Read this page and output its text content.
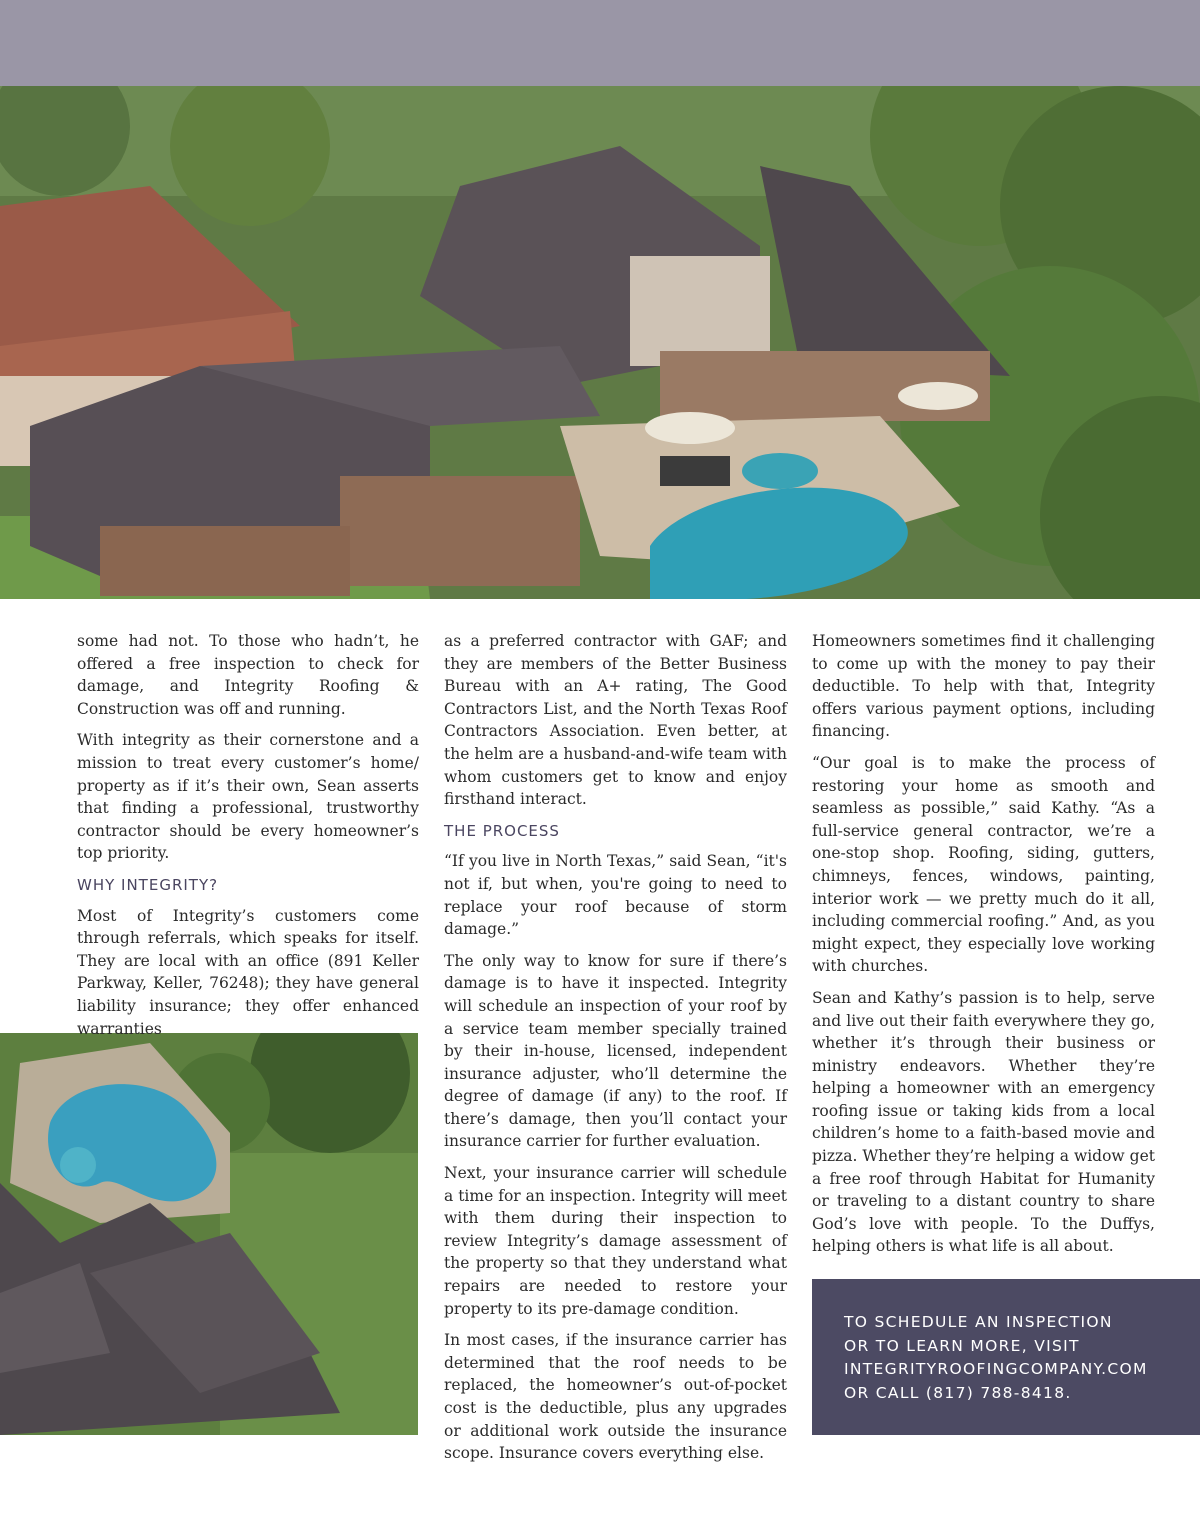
some had not. To those who hadn’t, he offered a free inspection to check for damage, and Integrity Roofing & Construction was off and running.

With integrity as their cornerstone and a mission to treat every customer’s home/ property as if it’s their own, Sean asserts that finding a professional, trustworthy contractor should be every homeowner’s top priority.

WHY INTEGRITY?

Most of Integrity’s customers come through referrals, which speaks for itself. They are local with an office (891 Keller Parkway, Keller, 76248); they have general liability insurance; they offer enhanced warranties

as a preferred contractor with GAF; and they are members of the Better Business Bureau with an A+ rating, The Good Contractors List, and the North Texas Roof Contractors Association. Even better, at the helm are a husband-and-wife team with whom customers get to know and enjoy firsthand interact.

THE PROCESS

“If you live in North Texas,” said Sean, “it's not if, but when, you're going to need to replace your roof because of storm damage.”

The only way to know for sure if there’s damage is to have it inspected. Integrity will schedule an inspection of your roof by a service team member specially trained by their in-house, licensed, independent insurance adjuster, who’ll determine the degree of damage (if any) to the roof. If there’s damage, then you’ll contact your insurance carrier for further evaluation.

Next, your insurance carrier will schedule a time for an inspection. Integrity will meet with them during their inspection to review Integrity’s damage assessment of the property so that they understand what repairs are needed to restore your property to its pre-damage condition.

In most cases, if the insurance carrier has determined that the roof needs to be replaced, the homeowner’s out-of-pocket cost is the deductible, plus any upgrades or additional work outside the insurance scope. Insurance covers everything else.

Homeowners sometimes find it challenging to come up with the money to pay their deductible. To help with that, Integrity offers various payment options, including financing.

“Our goal is to make the process of restoring your home as smooth and seamless as possible,” said Kathy. “As a full-service general contractor, we’re a one-stop shop. Roofing, siding, gutters, chimneys, fences, windows, painting, interior work — we pretty much do it all, including commercial roofing.” And, as you might expect, they especially love working with churches.

Sean and Kathy’s passion is to help, serve and live out their faith everywhere they go, whether it’s through their business or ministry endeavors. Whether they’re helping a homeowner with an emergency roofing issue or taking kids from a local children’s home to a faith-based movie and pizza. Whether they’re helping a widow get a free roof through Habitat for Humanity or traveling to a distant country to share God’s love with people. To the Duffys, helping others is what life is all about.

TO SCHEDULE AN INSPECTION
OR TO LEARN MORE, VISIT
INTEGRITYROOFINGCOMPANY.COM
OR CALL (817) 788-8418.
